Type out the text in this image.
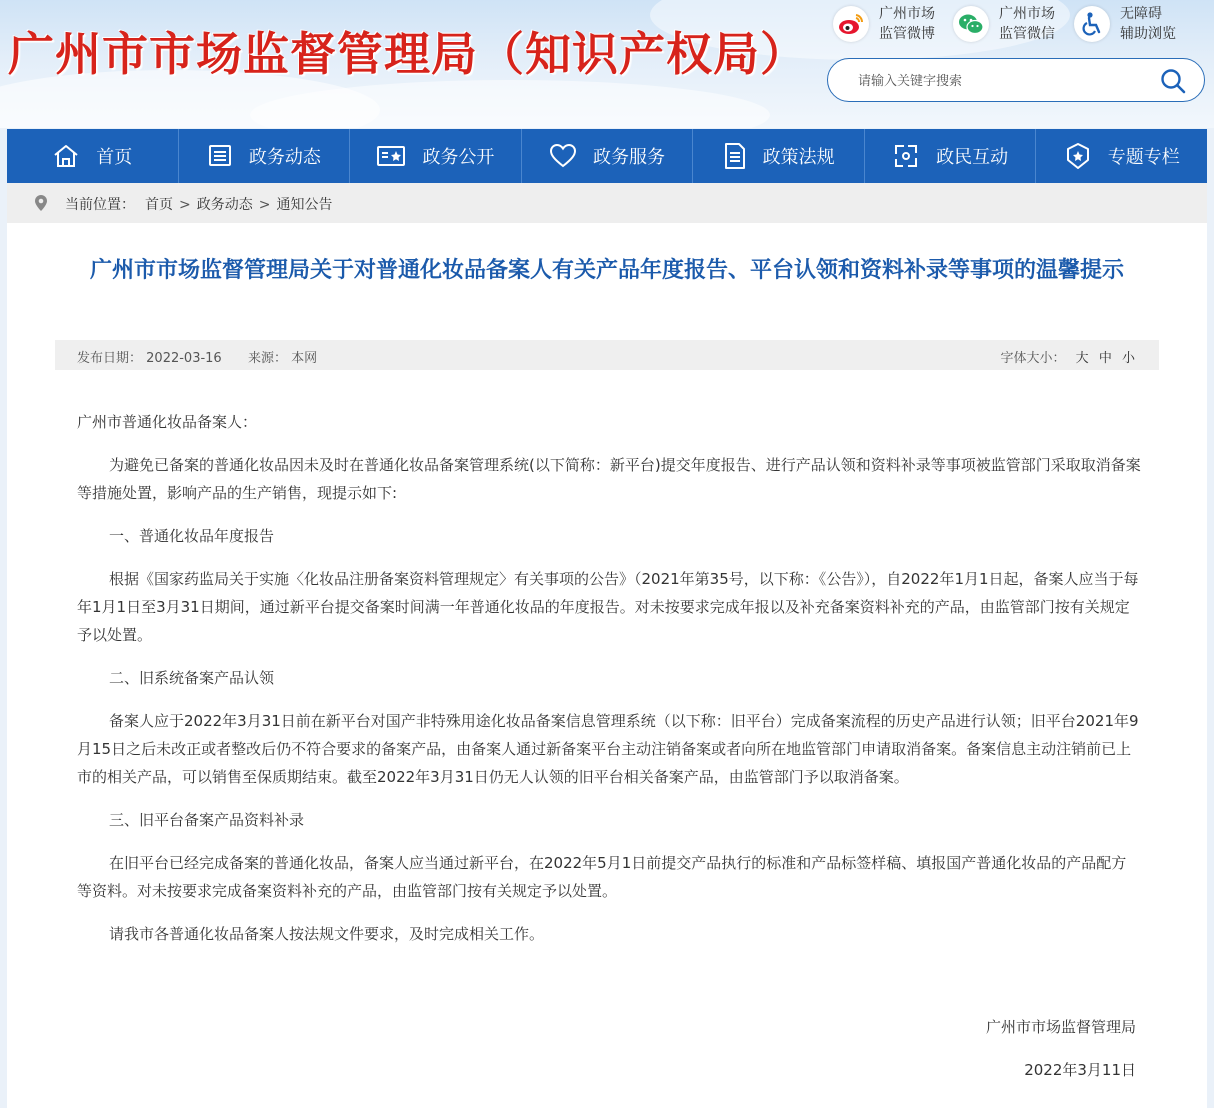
广州市市场监督管理局（知识产权局）
广州市场
监管微博
广州市场
监管微信
无障碍
辅助浏览
请输入关键字搜索
首页	政务动态	政务公开	政务服务	政策法规	政民互动	专题专栏
当前位置： 首页 > 政务动态 > 通知公告
广州市市场监督管理局关于对普通化妆品备案人有关产品年度报告、平台认领和资料补录等事项的温馨提示
发布日期： 2022-03-16 来源： 本网	字体大小： 大 中 小

广州市普通化妆品备案人：

为避免已备案的普通化妆品因未及时在普通化妆品备案管理系统(以下简称：新平台)提交年度报告、进行产品认领和资料补录等事项被监管部门采取取消备案等措施处置，影响产品的生产销售，现提示如下:

一、普通化妆品年度报告

根据《国家药监局关于实施〈化妆品注册备案资料管理规定〉有关事项的公告》（2021年第35号，以下称：《公告》），自2022年1月1日起，备案人应当于每年1月1日至3月31日期间，通过新平台提交备案时间满一年普通化妆品的年度报告。对未按要求完成年报以及补充备案资料补充的产品，由监管部门按有关规定予以处置。

二、旧系统备案产品认领

备案人应于2022年3月31日前在新平台对国产非特殊用途化妆品备案信息管理系统（以下称：旧平台）完成备案流程的历史产品进行认领；旧平台2021年9月15日之后未改正或者整改后仍不符合要求的备案产品，由备案人通过新备案平台主动注销备案或者向所在地监管部门申请取消备案。备案信息主动注销前已上市的相关产品，可以销售至保质期结束。截至2022年3月31日仍无人认领的旧平台相关备案产品，由监管部门予以取消备案。

三、旧平台备案产品资料补录

在旧平台已经完成备案的普通化妆品，备案人应当通过新平台，在2022年5月1日前提交产品执行的标准和产品标签样稿、填报国产普通化妆品的产品配方等资料。对未按要求完成备案资料补充的产品，由监管部门按有关规定予以处置。

请我市各普通化妆品备案人按法规文件要求，及时完成相关工作。

广州市市场监督管理局
2022年3月11日
